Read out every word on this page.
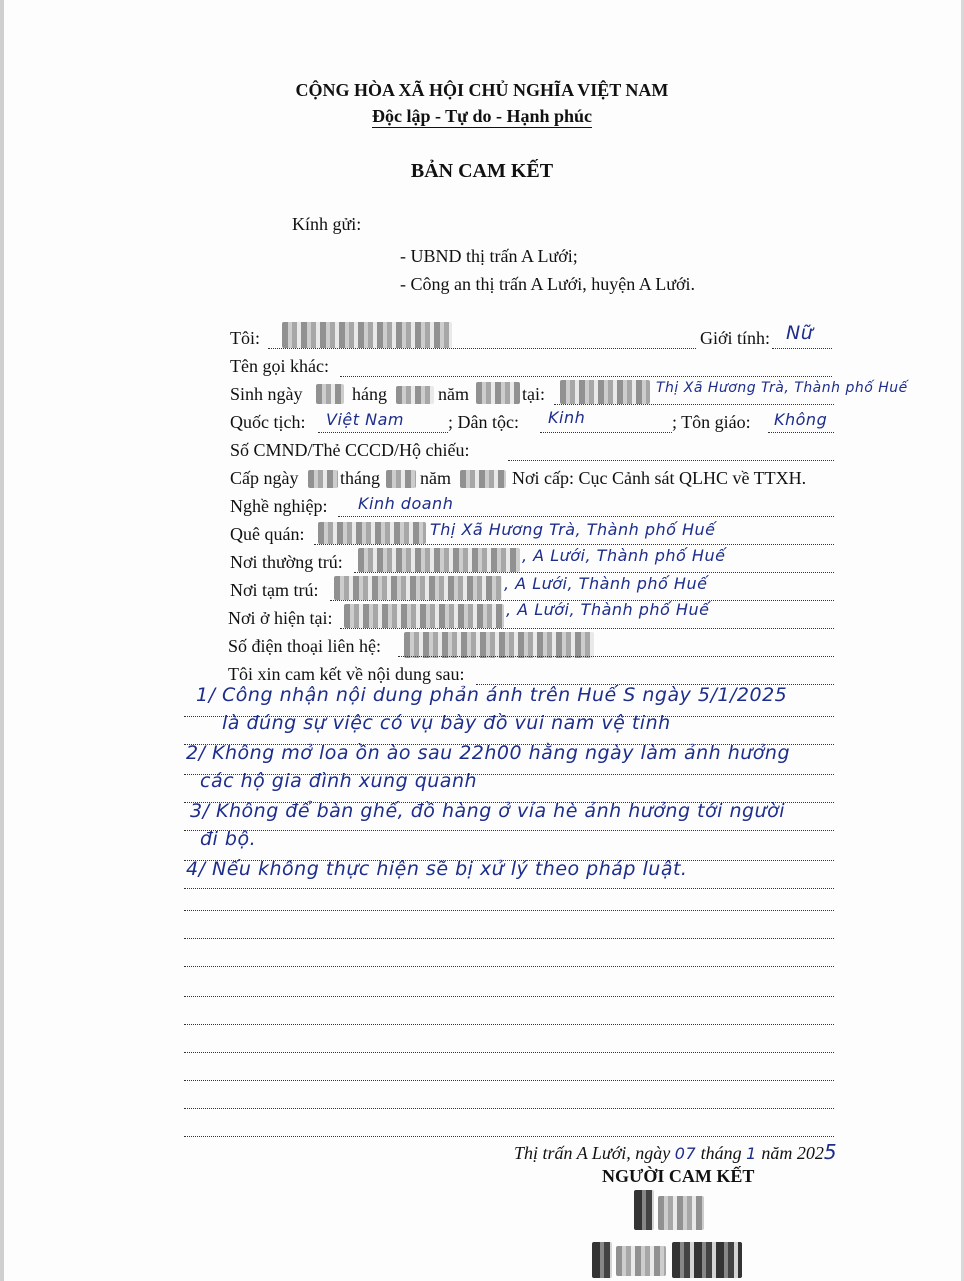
CỘNG HÒA XÃ HỘI CHỦ NGHĨA VIỆT NAM
Độc lập - Tự do - Hạnh phúc
BẢN CAM KẾT
Kính gửi:
- UBND thị trấn A Lưới;
- Công an thị trấn A Lưới, huyện A Lưới.
Tôi:	Giới tính: Nữ
Tên gọi khác:
Sinh ngày	háng	năm	tại:	Thị Xã Hương Trà, Thành phố Huế
Quốc tịch: Việt Nam ; Dân tộc: Kinh	; Tôn giáo: Không
Số CMND/Thẻ CCCD/Hộ chiếu:
Cấp ngày tháng năm	Nơi cấp: Cục Cảnh sát QLHC về TTXH.
Nghề nghiệp: Kinh doanh
Quê quán:	Thị Xã Hương Trà, Thành phố Huế
Nơi thường trú:	, A Lưới, Thành phố Huế
Nơi tạm trú:	, A Lưới, Thành phố Huế
Nơi ở hiện tại:	, A Lưới, Thành phố Huế
Số điện thoại liên hệ:
Tôi xin cam kết về nội dung sau:
1/ Công nhận nội dung phản ánh trên Huế S ngày 5/1/2025
là đúng sự việc có vụ bày đồ vui nam vệ tinh
2/ Không mở loa ồn ào sau 22h00 hằng ngày làm ảnh hưởng
các hộ gia đình xung quanh
3/ Không để bàn ghế, đồ hàng ở vỉa hè ảnh hưởng tới người
đi bộ.
4/ Nếu không thực hiện sẽ bị xử lý theo pháp luật.
Thị trấn A Lưới, ngày 07 tháng 1 năm 2025
NGƯỜI CAM KẾT
